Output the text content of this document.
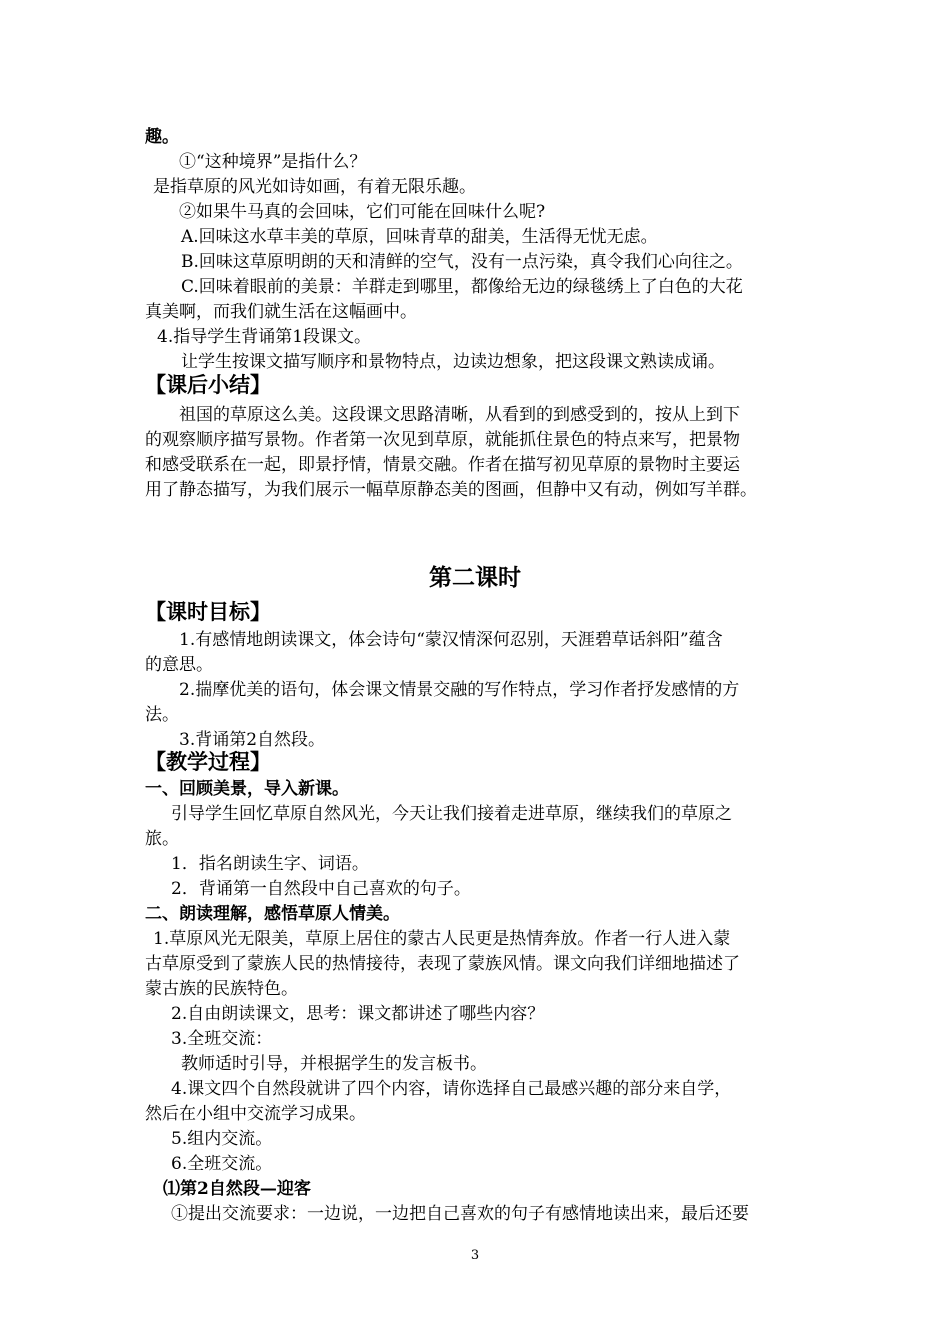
趣。
①“这种境界”是指什么？
是指草原的风光如诗如画，有着无限乐趣。
②如果牛马真的会回味，它们可能在回味什么呢?
A.回味这水草丰美的草原，回味青草的甜美，生活得无忧无虑。
B.回味这草原明朗的天和清鲜的空气，没有一点污染，真令我们心向往之。
C.回味着眼前的美景：羊群走到哪里，都像给无边的绿毯绣上了白色的大花
真美啊，而我们就生活在这幅画中。
4.指导学生背诵第1段课文。
让学生按课文描写顺序和景物特点，边读边想象，把这段课文熟读成诵。
【课后小结】
祖国的草原这么美。这段课文思路清晰，从看到的到感受到的，按从上到下
的观察顺序描写景物。作者第一次见到草原，就能抓住景色的特点来写，把景物
和感受联系在一起，即景抒情，情景交融。作者在描写初见草原的景物时主要运
用了静态描写，为我们展示一幅草原静态美的图画，但静中又有动，例如写羊群。
第二课时
【课时目标】
1.有感情地朗读课文，体会诗句“蒙汉情深何忍别，天涯碧草话斜阳”蕴含
的意思。
2.揣摩优美的语句，体会课文情景交融的写作特点，学习作者抒发感情的方
法。
3.背诵第2自然段。
【教学过程】
一、回顾美景，导入新课。
引导学生回忆草原自然风光，今天让我们接着走进草原，继续我们的草原之
旅。
1．指名朗读生字、词语。
2．背诵第一自然段中自己喜欢的句子。
二、朗读理解，感悟草原人情美。
1.草原风光无限美，草原上居住的蒙古人民更是热情奔放。作者一行人进入蒙
古草原受到了蒙族人民的热情接待，表现了蒙族风情。课文向我们详细地描述了
蒙古族的民族特色。
2.自由朗读课文，思考：课文都讲述了哪些内容？
3.全班交流：
教师适时引导，并根据学生的发言板书。
4.课文四个自然段就讲了四个内容，请你选择自己最感兴趣的部分来自学，
然后在小组中交流学习成果。
5.组内交流。
6.全班交流。
⑴第2自然段—迎客
①提出交流要求：一边说，一边把自己喜欢的句子有感情地读出来，最后还要
3
